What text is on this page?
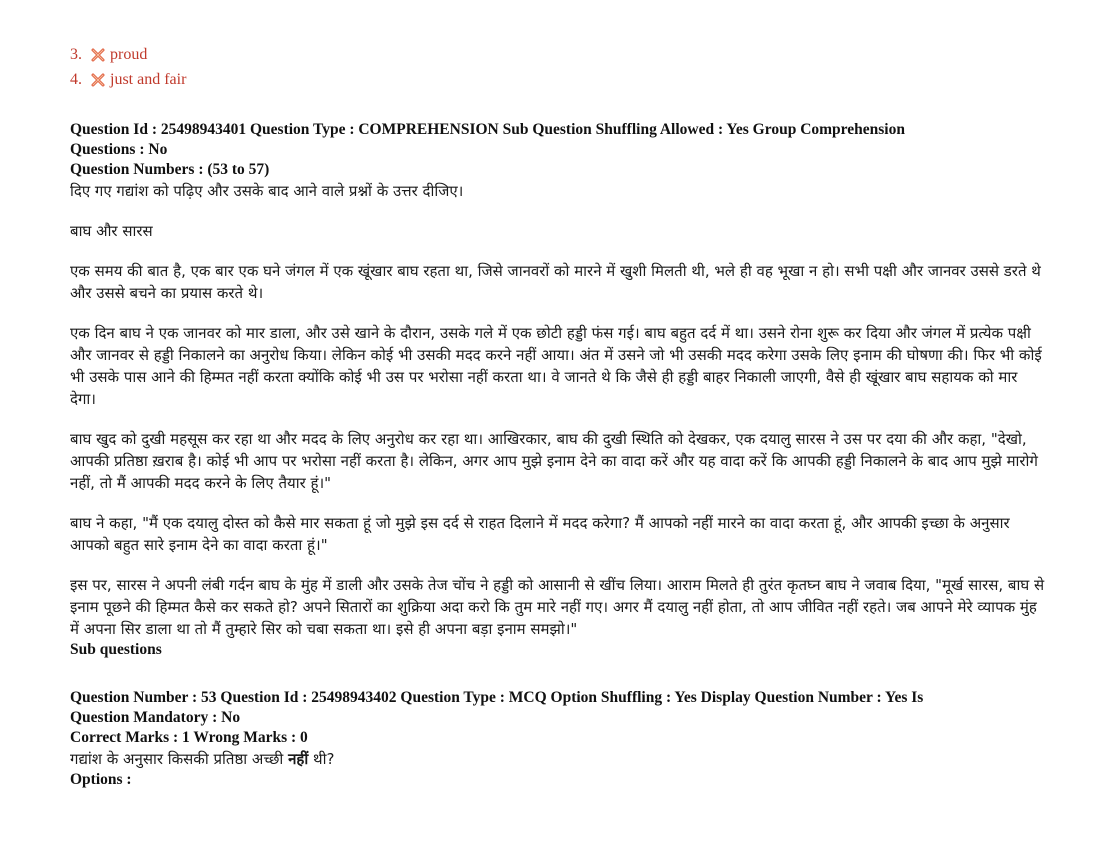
3.	proud
4.	just and fair
Question Id : 25498943401 Question Type : COMPREHENSION Sub Question Shuffling Allowed : Yes Group Comprehension
Questions : No
Question Numbers : (53 to 57)
दिए गए गद्यांश को पढ़िए और उसके बाद आने वाले प्रश्नों के उत्तर दीजिए।
बाघ और सारस
एक समय की बात है, एक बार एक घने जंगल में एक खूंखार बाघ रहता था, जिसे जानवरों को मारने में खुशी मिलती थी, भले ही वह भूखा न हो। सभी पक्षी और जानवर उससे डरते थे और उससे बचने का प्रयास करते थे।
एक दिन बाघ ने एक जानवर को मार डाला, और उसे खाने के दौरान, उसके गले में एक छोटी हड्डी फंस गई। बाघ बहुत दर्द में था। उसने रोना शुरू कर दिया और जंगल में प्रत्येक पक्षी और जानवर से हड्डी निकालने का अनुरोध किया। लेकिन कोई भी उसकी मदद करने नहीं आया। अंत में उसने जो भी उसकी मदद करेगा उसके लिए इनाम की घोषणा की। फिर भी कोई भी उसके पास आने की हिम्मत नहीं करता क्योंकि कोई भी उस पर भरोसा नहीं करता था। वे जानते थे कि जैसे ही हड्डी बाहर निकाली जाएगी, वैसे ही खूंखार बाघ सहायक को मार देगा।
बाघ खुद को दुखी महसूस कर रहा था और मदद के लिए अनुरोध कर रहा था। आखिरकार, बाघ की दुखी स्थिति को देखकर, एक दयालु सारस ने उस पर दया की और कहा, "देखो, आपकी प्रतिष्ठा ख़राब है। कोई भी आप पर भरोसा नहीं करता है। लेकिन, अगर आप मुझे इनाम देने का वादा करें और यह वादा करें कि आपकी हड्डी निकालने के बाद आप मुझे मारोगे नहीं, तो मैं आपकी मदद करने के लिए तैयार हूं।"
बाघ ने कहा, "मैं एक दयालु दोस्त को कैसे मार सकता हूं जो मुझे इस दर्द से राहत दिलाने में मदद करेगा? मैं आपको नहीं मारने का वादा करता हूं, और आपकी इच्छा के अनुसार आपको बहुत सारे इनाम देने का वादा करता हूं।"
इस पर, सारस ने अपनी लंबी गर्दन बाघ के मुंह में डाली और उसके तेज चोंच ने हड्डी को आसानी से खींच लिया। आराम मिलते ही तुरंत कृतघ्न बाघ ने जवाब दिया, "मूर्ख सारस, बाघ से इनाम पूछने की हिम्मत कैसे कर सकते हो? अपने सितारों का शुक्रिया अदा करो कि तुम मारे नहीं गए। अगर मैं दयालु नहीं होता, तो आप जीवित नहीं रहते। जब आपने मेरे व्यापक मुंह में अपना सिर डाला था तो मैं तुम्हारे सिर को चबा सकता था। इसे ही अपना बड़ा इनाम समझो।"
Sub questions
Question Number : 53 Question Id : 25498943402 Question Type : MCQ Option Shuffling : Yes Display Question Number : Yes Is
Question Mandatory : No
Correct Marks : 1 Wrong Marks : 0
गद्यांश के अनुसार किसकी प्रतिष्ठा अच्छी नहीं थी?
Options :
